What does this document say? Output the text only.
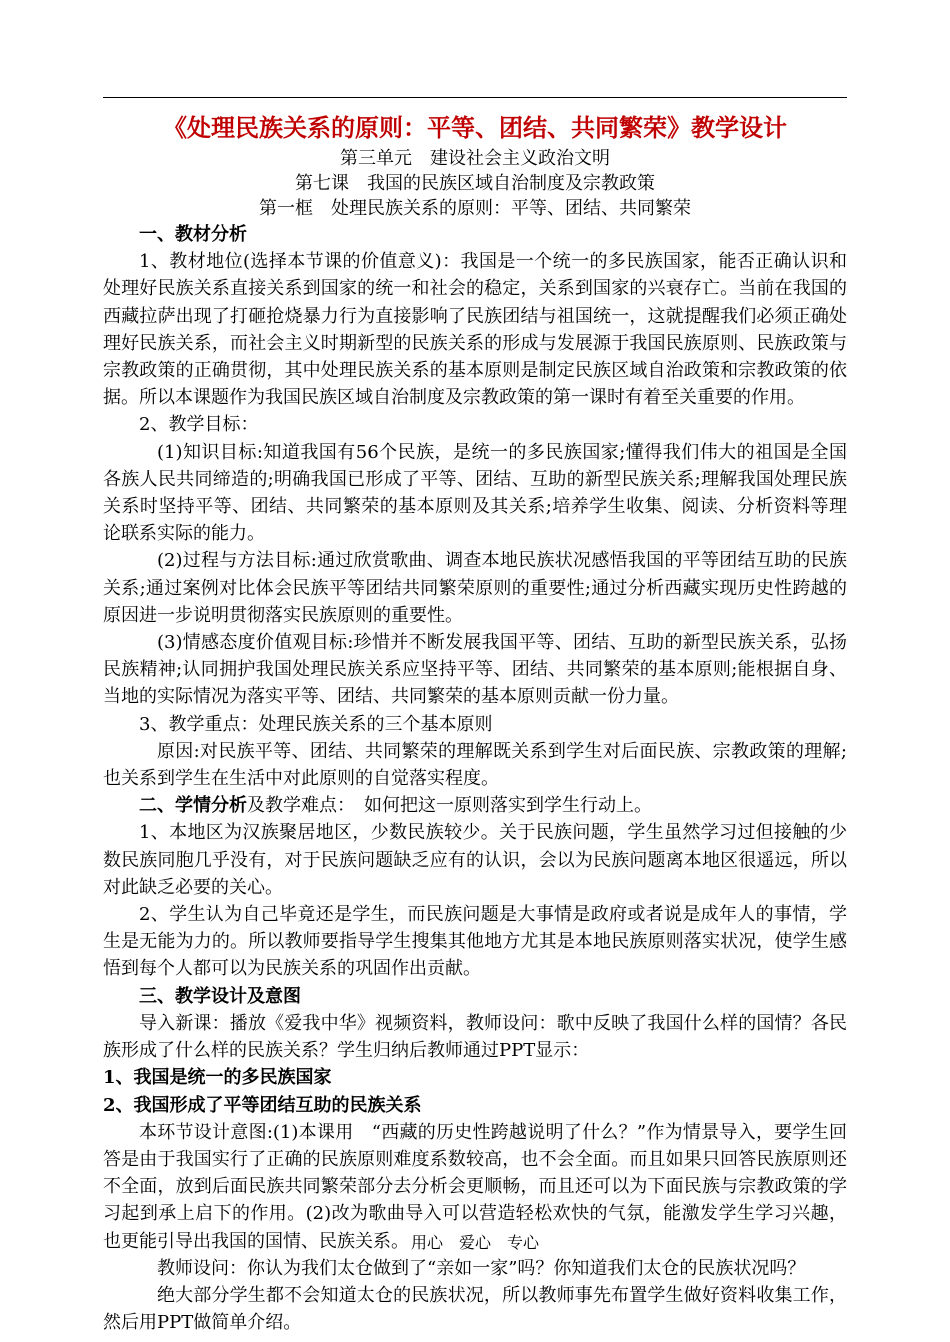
《处理民族关系的原则：平等、团结、共同繁荣》教学设计
第三单元　建设社会主义政治文明
第七课　我国的民族区域自治制度及宗教政策
第一框　处理民族关系的原则：平等、团结、共同繁荣
一、教材分析

1、教材地位(选择本节课的价值意义)：我国是一个统一的多民族国家，能否正确认识和处理好民族关系直接关系到国家的统一和社会的稳定，关系到国家的兴衰存亡。当前在我国的西藏拉萨出现了打砸抢烧暴力行为直接影响了民族团结与祖国统一，这就提醒我们必须正确处理好民族关系，而社会主义时期新型的民族关系的形成与发展源于我国民族原则、民族政策与宗教政策的正确贯彻，其中处理民族关系的基本原则是制定民族区域自治政策和宗教政策的依据。所以本课题作为我国民族区域自治制度及宗教政策的第一课时有着至关重要的作用。

2、教学目标：

(1)知识目标:知道我国有56个民族，是统一的多民族国家;懂得我们伟大的祖国是全国各族人民共同缔造的;明确我国已形成了平等、团结、互助的新型民族关系;理解我国处理民族关系时坚持平等、团结、共同繁荣的基本原则及其关系;培养学生收集、阅读、分析资料等理论联系实际的能力。

(2)过程与方法目标:通过欣赏歌曲、调查本地民族状况感悟我国的平等团结互助的民族关系;通过案例对比体会民族平等团结共同繁荣原则的重要性;通过分析西藏实现历史性跨越的原因进一步说明贯彻落实民族原则的重要性。

(3)情感态度价值观目标:珍惜并不断发展我国平等、团结、互助的新型民族关系，弘扬民族精神;认同拥护我国处理民族关系应坚持平等、团结、共同繁荣的基本原则;能根据自身、当地的实际情况为落实平等、团结、共同繁荣的基本原则贡献一份力量。

3、教学重点：处理民族关系的三个基本原则

原因:对民族平等、团结、共同繁荣的理解既关系到学生对后面民族、宗教政策的理解;也关系到学生在生活中对此原则的自觉落实程度。

二、学情分析及教学难点：　如何把这一原则落实到学生行动上。

1、本地区为汉族聚居地区，少数民族较少。关于民族问题，学生虽然学习过但接触的少数民族同胞几乎没有，对于民族问题缺乏应有的认识，会以为民族问题离本地区很遥远，所以对此缺乏必要的关心。

2、学生认为自己毕竟还是学生，而民族问题是大事情是政府或者说是成年人的事情，学生是无能为力的。所以教师要指导学生搜集其他地方尤其是本地民族原则落实状况，使学生感悟到每个人都可以为民族关系的巩固作出贡献。

三、教学设计及意图

导入新课：播放《爱我中华》视频资料，教师设问：歌中反映了我国什么样的国情？各民族形成了什么样的民族关系？学生归纳后教师通过PPT显示：

1、我国是统一的多民族国家
2、我国形成了平等团结互助的民族关系

本环节设计意图:(1)本课用　“西藏的历史性跨越说明了什么？”作为情景导入，要学生回答是由于我国实行了正确的民族原则难度系数较高，也不会全面。而且如果只回答民族原则还不全面，放到后面民族共同繁荣部分去分析会更顺畅，而且还可以为下面民族与宗教政策的学习起到承上启下的作用。(2)改为歌曲导入可以营造轻松欢快的气氛，能激发学生学习兴趣，也更能引导出我国的国情、民族关系。

教师设问：你认为我们太仓做到了“亲如一家”吗？你知道我们太仓的民族状况吗？

绝大部分学生都不会知道太仓的民族状况，所以教师事先布置学生做好资料收集工作，然后用PPT做简单介绍。

用心　爱心　专心
